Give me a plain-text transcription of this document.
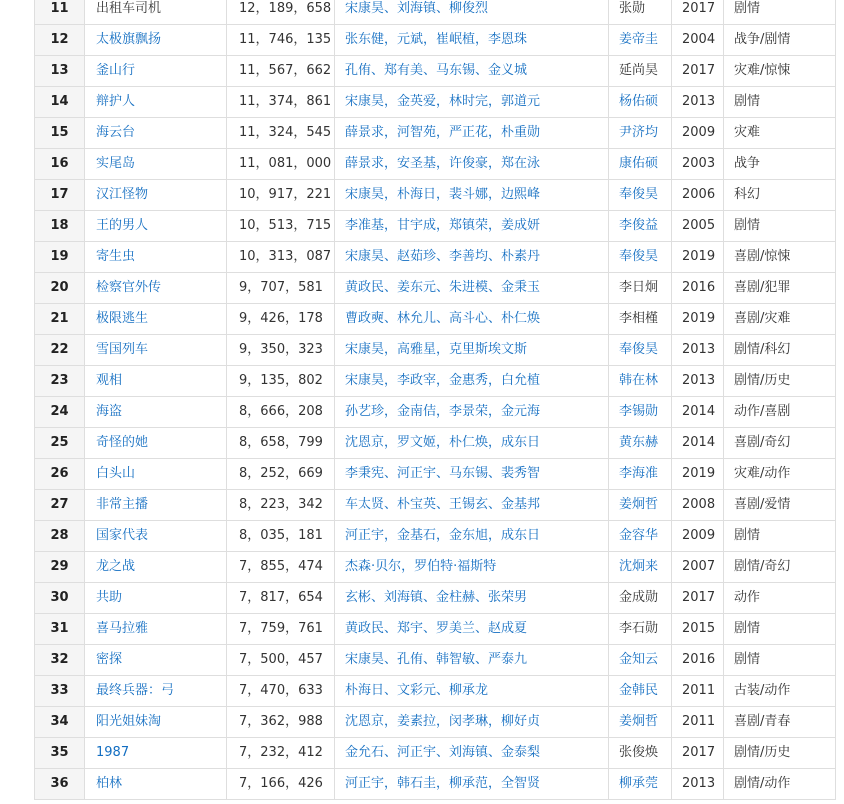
11	出租车司机	12，189，658	宋康昊、刘海镇、柳俊烈	张勋	2017	剧情
12	太极旗飘扬	11，746，135	张东健，元斌，崔岷植，李恩珠	姜帝圭	2004	战争/剧情
13	釜山行	11，567，662	孔侑、郑有美、马东锡、金义城	延尚昊	2017	灾难/惊悚
14	辩护人	11，374，861	宋康昊，金英爱，林时完，郭道元	杨佑硕	2013	剧情
15	海云台	11，324，545	薛景求，河智苑，严正花，朴重勋	尹济均	2009	灾难
16	实尾岛	11，081，000	薛景求，安圣基，许俊豪，郑在泳	康佑硕	2003	战争
17	汉江怪物	10，917，221	宋康昊，朴海日，裴斗娜，边熙峰	奉俊昊	2006	科幻
18	王的男人	10，513，715	李准基，甘宇成，郑镇荣，姜成妍	李俊益	2005	剧情
19	寄生虫	10，313，087	宋康昊、赵茹珍、李善均、朴素丹	奉俊昊	2019	喜剧/惊悚
20	检察官外传	9，707，581	黄政民、姜东元、朱进模、金秉玉	李日炯	2016	喜剧/犯罪
21	极限逃生	9，426，178	曹政奭、林允儿、高斗心、朴仁焕	李相槿	2019	喜剧/灾难
22	雪国列车	9，350，323	宋康昊，高雅星，克里斯埃文斯	奉俊昊	2013	剧情/科幻
23	观相	9，135，802	宋康昊，李政宰，金惠秀，白允植	韩在林	2013	剧情/历史
24	海盗	8，666，208	孙艺珍，金南佶，李景荣，金元海	李锡勋	2014	动作/喜剧
25	奇怪的她	8，658，799	沈恩京，罗文姬，朴仁焕，成东日	黄东赫	2014	喜剧/奇幻
26	白头山	8，252，669	李秉宪、河正宇、马东锡、裴秀智	李海准	2019	灾难/动作
27	非常主播	8，223，342	车太贤、朴宝英、王锡玄、金基邦	姜炯哲	2008	喜剧/爱情
28	国家代表	8，035，181	河正宇，金基石，金东旭，成东日	金容华	2009	剧情
29	龙之战	7，855，474	杰森·贝尔，罗伯特·福斯特	沈炯来	2007	剧情/奇幻
30	共助	7，817，654	玄彬、刘海镇、金柱赫、张荣男	金成勋	2017	动作
31	喜马拉雅	7，759，761	黄政民、郑宇、罗美兰、赵成夏	李石勋	2015	剧情
32	密探	7，500，457	宋康昊、孔侑、韩智敏、严泰九	金知云	2016	剧情
33	最终兵器：弓	7，470，633	朴海日、文彩元、柳承龙	金韩民	2011	古装/动作
34	阳光姐妹淘	7，362，988	沈恩京，姜素拉，闵孝琳，柳好贞	姜炯哲	2011	喜剧/青春
35	1987	7，232，412	金允石、河正宇、刘海镇、金泰梨	张俊焕	2017	剧情/历史
36	柏林	7，166，426	河正宇，韩石圭，柳承范，全智贤	柳承莞	2013	剧情/动作
